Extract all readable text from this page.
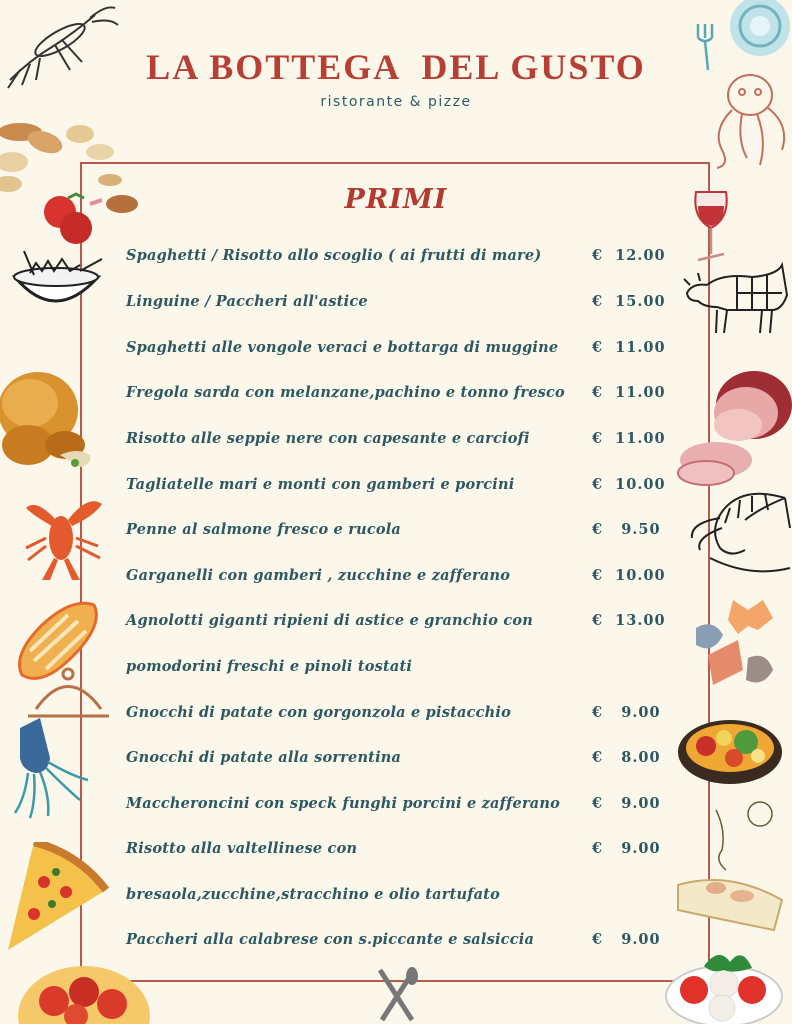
LA BOTTEGA  DEL GUSTO
ristorante & pizze
PRIMI
Spaghetti / Risotto allo scoglio ( ai frutti di mare)	€  12.00
Linguine / Paccheri all'astice	€  15.00
Spaghetti alle vongole veraci e bottarga di muggine	€  11.00
Fregola sarda con melanzane,pachino e tonno fresco	€  11.00
Risotto alle seppie nere con capesante e carciofi	€  11.00
Tagliatelle mari e monti con gamberi e porcini	€  10.00
Penne al salmone fresco e rucola	€   9.50
Garganelli con gamberi , zucchine e zafferano	€  10.00
Agnolotti giganti ripieni di astice e granchio con	€  13.00
pomodorini freschi e pinoli tostati
Gnocchi di patate con gorgonzola e pistacchio	€   9.00
Gnocchi di patate alla sorrentina	€   8.00
Maccheroncini con speck funghi porcini e zafferano	€   9.00
Risotto alla valtellinese con	€   9.00
bresaola,zucchine,stracchino e olio tartufato
Paccheri alla calabrese con s.piccante e salsiccia	€   9.00
